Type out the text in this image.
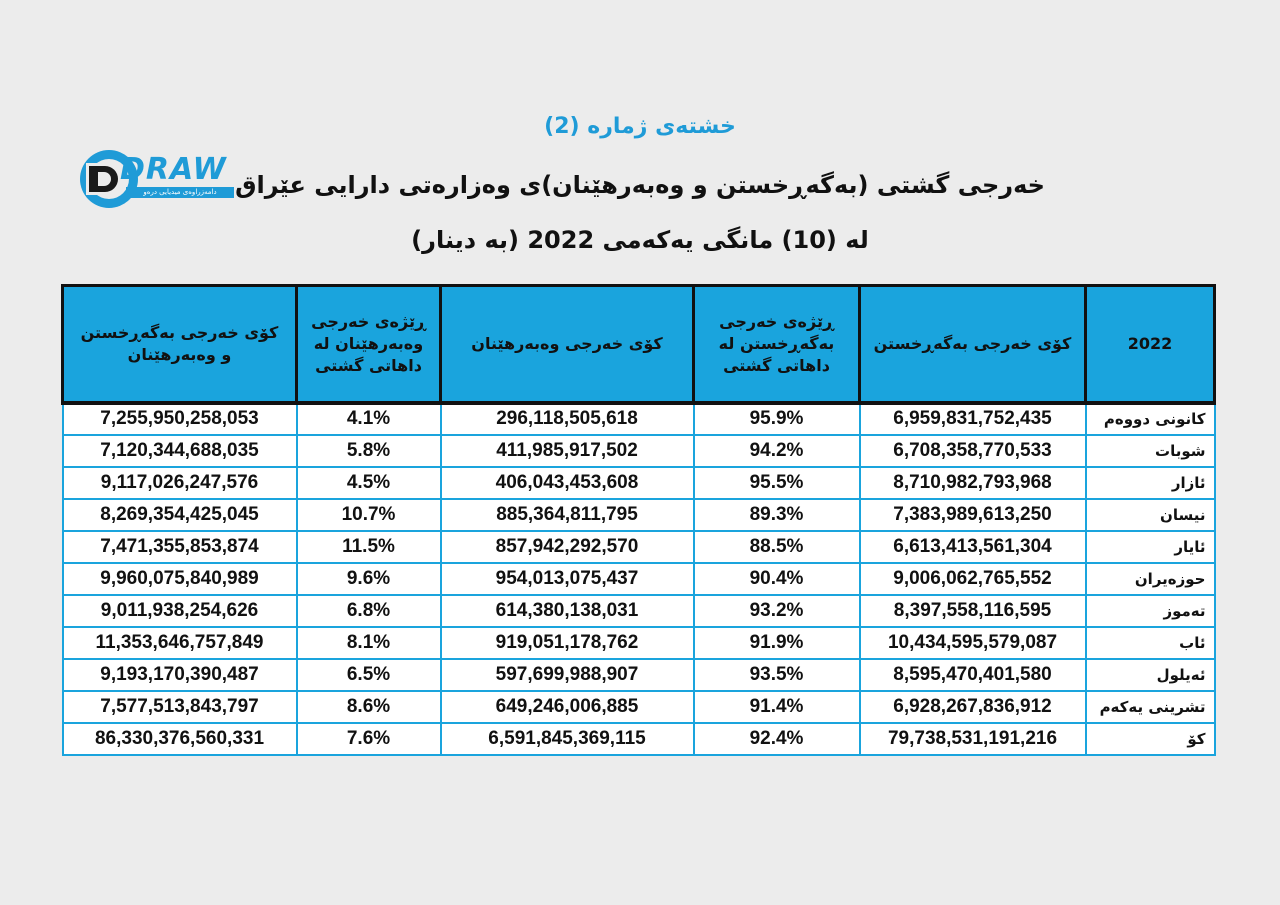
DRAW
دامەزراوەی میدیایی درەو
خشتەی ژمارە (2)
خەرجی گشتی (بەگەڕخستن و وەبەرهێنان)ی وەزارەتی دارایی عێراق
لە (10) مانگی یەکەمی 2022 (بە دینار)
کۆی خەرجی بەگەڕخستن و وەبەرهێنان	ڕێژەی خەرجی وەبەرهێنان لە داهاتی گشتی	کۆی خەرجی وەبەرهێنان	ڕێژەی خەرجی بەگەڕخستن لە داهاتی گشتی	کۆی خەرجی بەگەڕخستن	2022
7,255,950,258,053	4.1%	296,118,505,618	95.9%	6,959,831,752,435	کانونی دووەم
7,120,344,688,035	5.8%	411,985,917,502	94.2%	6,708,358,770,533	شوبات
9,117,026,247,576	4.5%	406,043,453,608	95.5%	8,710,982,793,968	ئازار
8,269,354,425,045	10.7%	885,364,811,795	89.3%	7,383,989,613,250	نیسان
7,471,355,853,874	11.5%	857,942,292,570	88.5%	6,613,413,561,304	ئایار
9,960,075,840,989	9.6%	954,013,075,437	90.4%	9,006,062,765,552	حوزەیران
9,011,938,254,626	6.8%	614,380,138,031	93.2%	8,397,558,116,595	تەموز
11,353,646,757,849	8.1%	919,051,178,762	91.9%	10,434,595,579,087	ئاب
9,193,170,390,487	6.5%	597,699,988,907	93.5%	8,595,470,401,580	ئەیلول
7,577,513,843,797	8.6%	649,246,006,885	91.4%	6,928,267,836,912	تشرینی یەکەم
86,330,376,560,331	7.6%	6,591,845,369,115	92.4%	79,738,531,191,216	کۆ
